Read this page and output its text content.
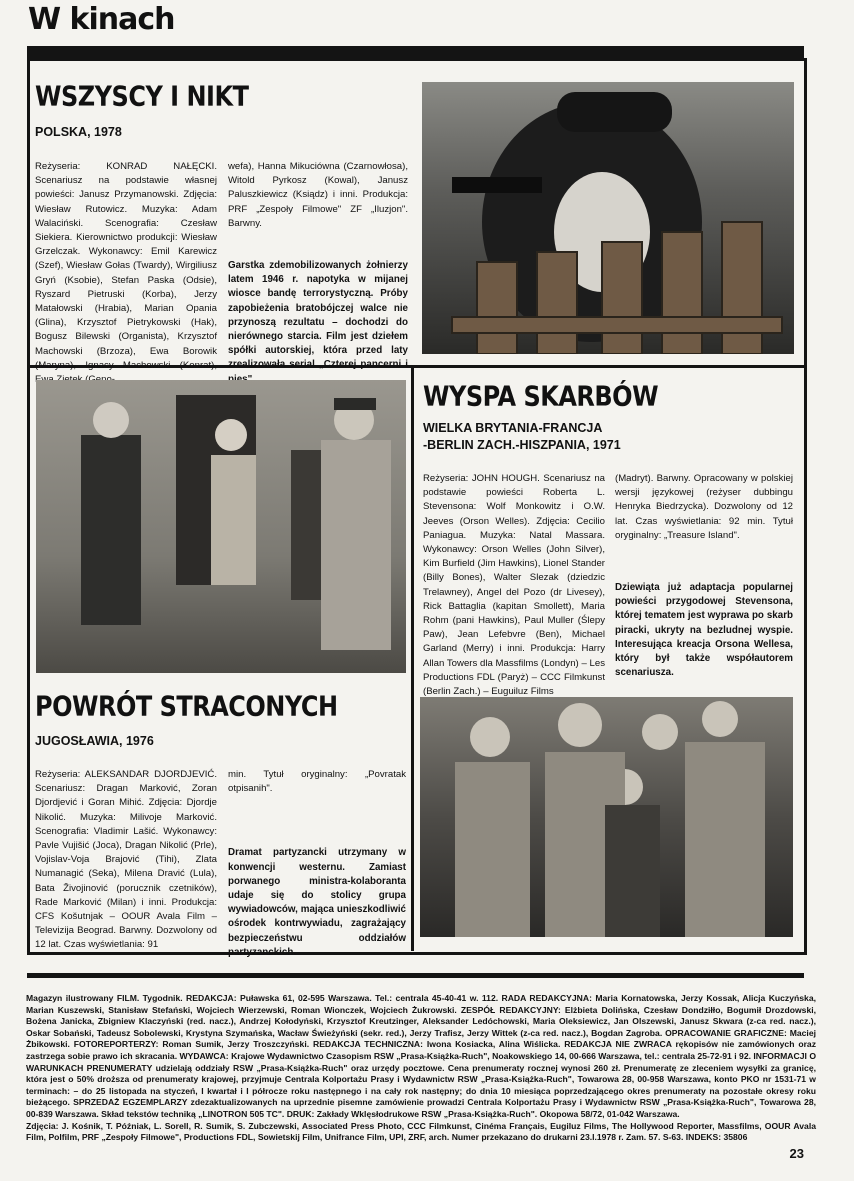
W kinach
WSZYSCY I NIKT
POLSKA, 1978
Reżyseria: KONRAD NAŁĘCKI. Scenariusz na podstawie własnej powieści: Janusz Przymanowski. Zdjęcia: Wiesław Rutowicz. Muzyka: Adam Walaciński. Scenografia: Czesław Siekiera. Kierownictwo produkcji: Wiesław Grzelczak. Wykonawcy: Emil Karewicz (Szef), Wiesław Gołas (Twardy), Wirgiliusz Gryń (Ksobie), Stefan Paska (Odsie), Ryszard Pietruski (Korba), Jerzy Matałowski (Hrabia), Marian Opania (Glina), Krzysztof Pietrykowski (Hak), Bogusz Bilewski (Organista), Krzysztof Machowski (Brzoza), Ewa Borowik (Maryna), Ignacy Machowski (Konrat),
wefa), Hanna Mikuciówna (Czarnowłosa), Witold Pyrkosz (Kowal), Janusz Paluszkiewicz (Ksiądz) i inni. Produkcja: PRF „Zespoły Filmowe" ZF „Iluzjon". Barwny.
Garstka zdemobilizowanych żołnierzy latem 1946 r. napotyka w mijanej wiosce bandę terrorystyczną. Próby zapobieżenia bratobójczej walce nie przynoszą rezultatu – dochodzi do nierównego starcia. Film jest dziełem spółki autorskiej, która przed laty zrealizowała serial „Czterej pancerni i
WYSPA SKARBÓW
WIELKA BRYTANIA-FRANCJA
-BERLIN ZACH.-HISZPANIA, 1971
Reżyseria: JOHN HOUGH. Scenariusz na podstawie powieści Roberta L. Stevensona: Wolf Monkowitz i O.W. Jeeves (Orson Welles). Zdjęcia: Cecilio Paniagua. Muzyka: Natal Massara. Wykonawcy: Orson Welles (John Silver), Kim Burfield (Jim Hawkins), Lionel Stander (Billy Bones), Walter Slezak (dziedzic Trelawney), Angel del Pozo (dr Livesey), Rick Battaglia (kapitan Smollett), Maria Rohm (pani Hawkins), Paul Muller (Ślepy Paw), Jean Lefebvre (Ben), Michael Garland (Merry) i inni. Produkcja: Harry Allan Towers dla Massfilms (Londyn) – Les Productions FDL (Paryż) – CCC Filmkunst (Berlin Zach.) – Euguiluz Films
(Madryt). Barwny. Opracowany w polskiej wersji językowej (reżyser dubbingu Henryka Biedrzycka). Dozwolony od 12 lat. Czas wyświetlania: 92 min. Tytuł oryginalny: „Treasure Island".
Dziewiąta już adaptacja popularnej powieści przygodowej Stevensona, której tematem jest wyprawa po skarb piracki, ukryty na bezludnej wyspie. Interesująca kreacja Orsona Wellesa, który był także współautorem scenariusza.
POWRÓT STRACONYCH
JUGOSŁAWIA, 1976
Reżyseria: ALEKSANDAR DJORDJEVIĆ. Scenariusz: Dragan Marković, Zoran Djordjević i Goran Mihić. Zdjęcia: Djordje Nikolić. Muzyka: Milivoje Marković. Scenografia: Vladimir Lašić. Wykonawcy: Pavle Vujišić (Joca), Dragan Nikolić (Prle), Vojislav-Voja Brajović (Tihi), Zlata Numanagić (Seka), Milena Dravić (Lula), Bata Živojinović (porucznik czetników), Rade Marković (Milan) i inni. Produkcja: CFS Košutnjak – OOUR Avala Film – Televizija Beograd. Barwny. Dozwolony od 12 lat. Czas wyświetlania: 91
min. Tytuł oryginalny: „Povratak otpisanih".
Dramat partyzancki utrzymany w konwencji westernu. Zamiast porwanego ministra-kolaboranta udaje się do stolicy grupa wywiadowców, mająca unieszkodliwić ośrodek kontrwywiadu, zagrażający bezpieczeństwu oddziałów partyzanckich.

Magazyn ilustrowany FILM. Tygodnik. REDAKCJA: Puławska 61, 02-595 Warszawa. Tel.: centrala 45-40-41 w. 112. RADA REDAKCYJNA: Maria Kornatowska, Jerzy Kossak, Alicja Kuczyńska, Marian Kuszewski, Stanisław Stefański, Wojciech Wierzewski, Roman Wionczek, Wojciech Żukrowski. ZESPÓŁ REDAKCYJNY: Elżbieta Dolińska, Czesław Dondziłło, Bogumił Drozdowski, Bożena Janicka, Zbigniew Klaczyński (red. nacz.), Andrzej Kołodyński, Krzysztof Kreutzinger, Aleksander Ledóchowski, Maria Oleksiewicz, Jan Olszewski, Janusz Skwara (z-ca red. nacz.), Oskar Sobański, Tadeusz Sobolewski, Krystyna Szymańska, Wacław Świeżyński (sekr. red.), Jerzy Trafisz, Jerzy Wittek (z-ca red. nacz.), Bogdan Zagroba. OPRACOWANIE GRAFICZNE: Maciej Żbikowski. FOTOREPORTERZY: Roman Sumik, Jerzy Troszczyński. REDAKCJA TECHNICZNA: Iwona Kosiacka, Alina Wiślicka. REDAKCJA NIE ZWRACA rękopisów nie zamówionych oraz zastrzega sobie prawo ich skracania. WYDAWCA: Krajowe Wydawnictwo Czasopism RSW „Prasa-Książka-Ruch", Noakowskiego 14, 00-666 Warszawa, tel.: centrala 25-72-91 i 92. INFORMACJI O WARUNKACH PRENUMERATY udzielają oddziały RSW „Prasa-Książka-Ruch" oraz urzędy pocztowe. Cena prenumeraty rocznej wynosi 260 zł. Prenumeratę ze zleceniem wysyłki za granicę, która jest o 50% droższa od prenumeraty krajowej, przyjmuje Centrala Kolportażu Prasy i Wydawnictw RSW „Prasa-Książka-Ruch", Towarowa 28, 00-958 Warszawa, konto PKO nr 1531-71 w terminach: – do 25 listopada na styczeń, I kwartał i I półrocze roku następnego i na cały rok następny; do dnia 10 miesiąca poprzedzającego okres prenumeraty na pozostałe okresy roku bieżącego. SPRZEDAŻ EGZEMPLARZY zdezaktualizowanych na uprzednie pisemne zamówienie prowadzi Centrala Kolportażu Prasy i Wydawnictw RSW „Prasa-Książka-Ruch", Towarowa 28, 00-839 Warszawa. Skład tekstów techniką „LINOTRON 505 TC". DRUK: Zakłady Wklęsłodrukowe RSW „Prasa-Książka-Ruch". Okopowa 58/72, 01-042 Warszawa.

Zdjęcia: J. Kośnik, T. Późniak, L. Sorell, R. Sumik, S. Zubczewski, Associated Press Photo, CCC Filmkunst, Cinéma Français, Eugiluz Films, The Hollywood Reporter, Massfilms, OOUR Avala Film, Polfilm, PRF „Zespoły Filmowe", Productions FDL, Sowietskij Film, Unifrance Film, UPI, ZRF, arch. Numer przekazano do drukarni 23.I.1978 r. Zam. 57. S-63. INDEKS: 35806

23
